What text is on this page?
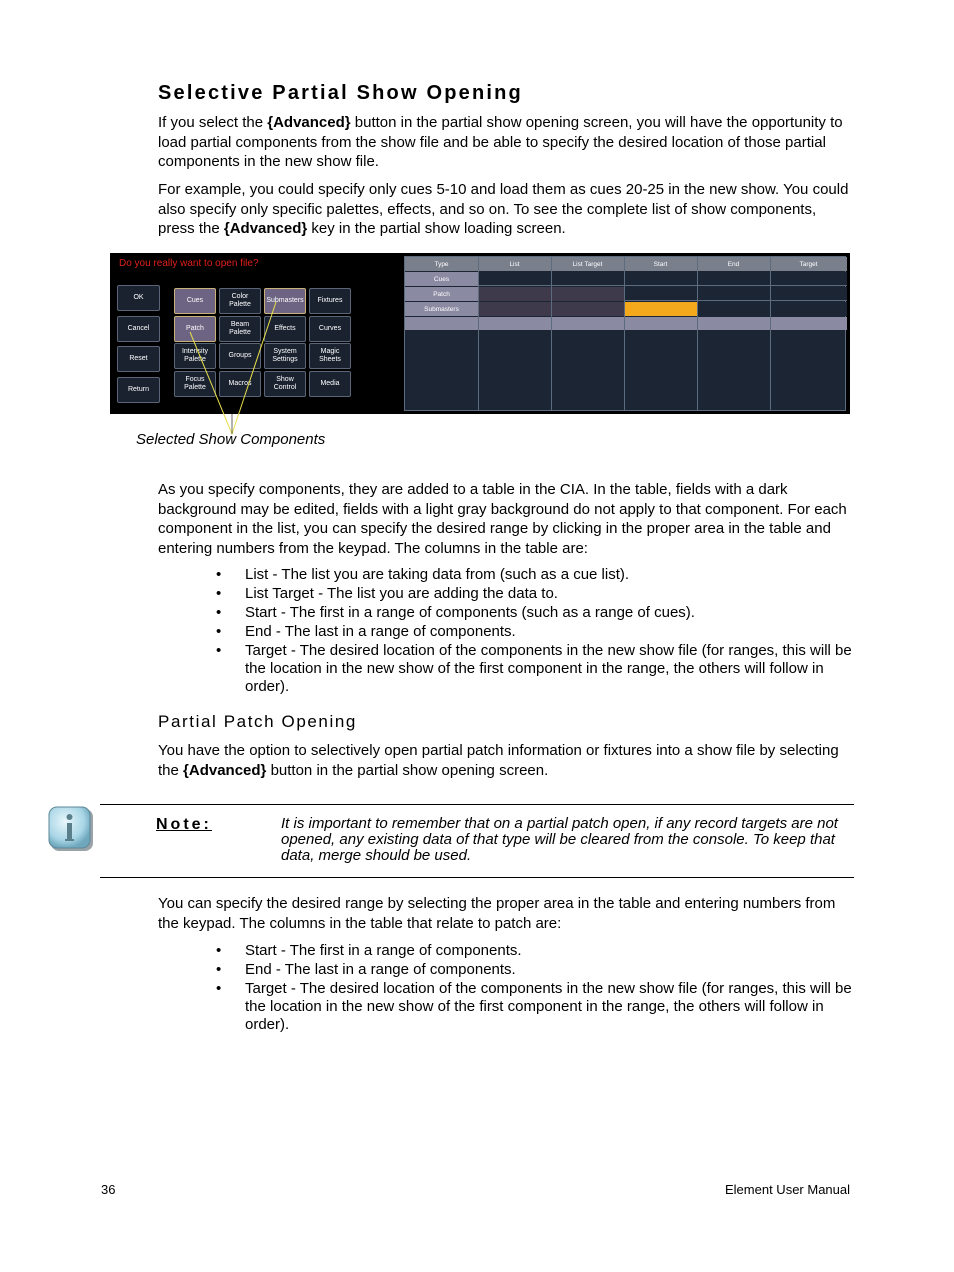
Selective Partial Show Opening
If you select the {Advanced} button in the partial show opening screen, you will have the opportunity to load partial components from the show file and be able to specify the desired location of those partial components in the new show file.
For example, you could specify only cues 5-10 and load them as cues 20-25 in the new show. You could also specify only specific palettes, effects, and so on. To see the complete list of show components, press the {Advanced} key in the partial show loading screen.
Do you really want to open file?
OK
Cancel
Reset
Return
Cues
Color Palette
Submasters	Fixtures
Patch
Beam Palette
Effects	Curves
Intensity Palette
Groups
System Settings
Magic Sheets
Focus Palette
Macros
Show Control
Media
Type	List	List Target	Start	End	Target
Cues
Patch
Submasters
Selected Show Components
As you specify components, they are added to a table in the CIA. In the table, fields with a dark background may be edited, fields with a light gray background do not apply to that component. For each component in the list, you can specify the desired range by clicking in the proper area in the table and entering numbers from the keypad. The columns in the table are:
• List - The list you are taking data from (such as a cue list).
• List Target - The list you are adding the data to.
• Start - The first in a range of components (such as a range of cues).
• End - The last in a range of components.
• Target - The desired location of the components in the new show file (for ranges, this will be the location in the new show of the first component in the range, the others will follow in order).
Partial Patch Opening
You have the option to selectively open partial patch information or fixtures into a show file by selecting the {Advanced} button in the partial show opening screen.
Note:	It is important to remember that on a partial patch open, if any record targets are not opened, any existing data of that type will be cleared from the console. To keep that data, merge should be used.
You can specify the desired range by selecting the proper area in the table and entering numbers from the keypad. The columns in the table that relate to patch are:
• Start - The first in a range of components.
• End - The last in a range of components.
• Target - The desired location of the components in the new show file (for ranges, this will be the location in the new show of the first component in the range, the others will follow in order).
36	Element User Manual
